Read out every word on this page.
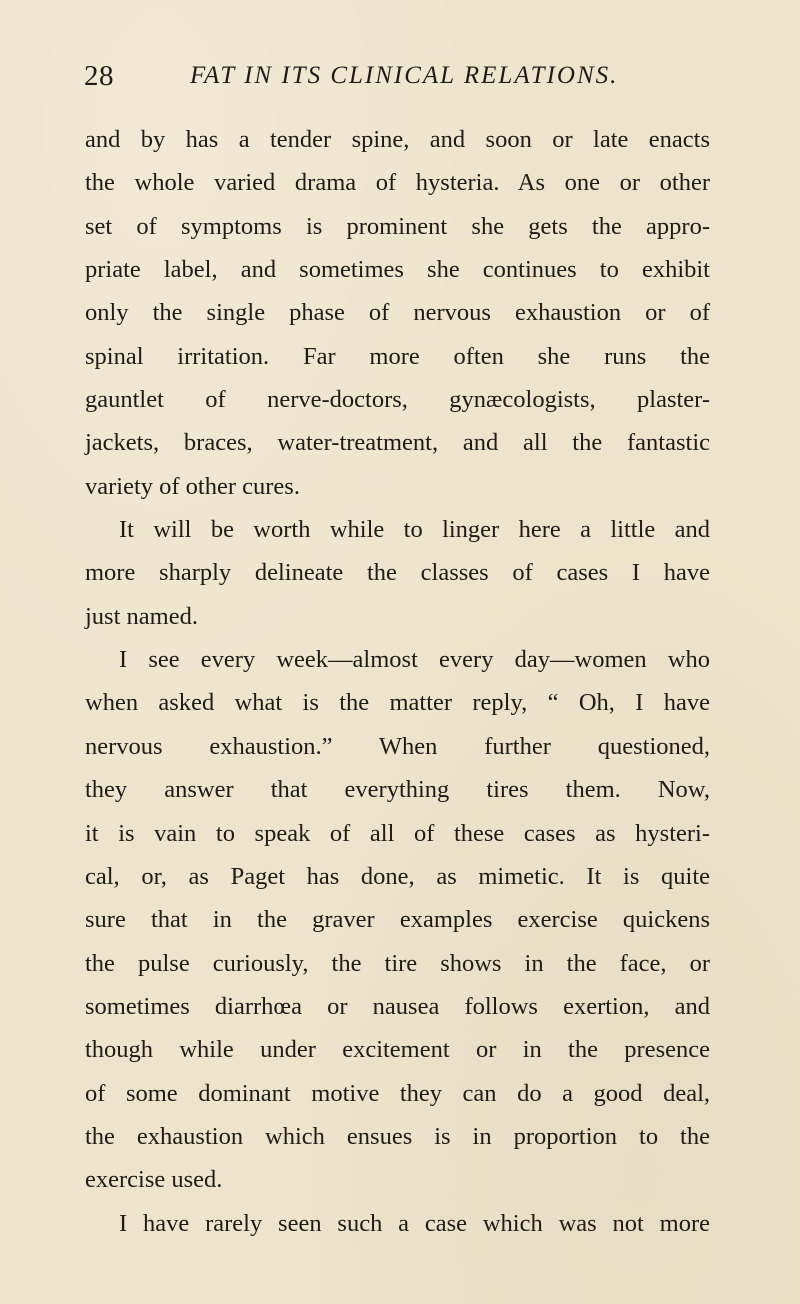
28	FAT IN ITS CLINICAL RELATIONS.
and by has a tender spine, and soon or late enacts
the whole varied drama of hysteria. As one or other
set of symptoms is prominent she gets the appro-
priate label, and sometimes she continues to exhibit
only the single phase of nervous exhaustion or of
spinal irritation. Far more often she runs the
gauntlet of nerve-doctors, gynæcologists, plaster-
jackets, braces, water-treatment, and all the fantastic
variety of other cures.
It will be worth while to linger here a little and
more sharply delineate the classes of cases I have
just named.
I see every week—almost every day—women who
when asked what is the matter reply, “ Oh, I have
nervous exhaustion.” When further questioned,
they answer that everything tires them. Now,
it is vain to speak of all of these cases as hysteri-
cal, or, as Paget has done, as mimetic. It is quite
sure that in the graver examples exercise quickens
the pulse curiously, the tire shows in the face, or
sometimes diarrhœa or nausea follows exertion, and
though while under excitement or in the presence
of some dominant motive they can do a good deal,
the exhaustion which ensues is in proportion to the
exercise used.
I have rarely seen such a case which was not more
